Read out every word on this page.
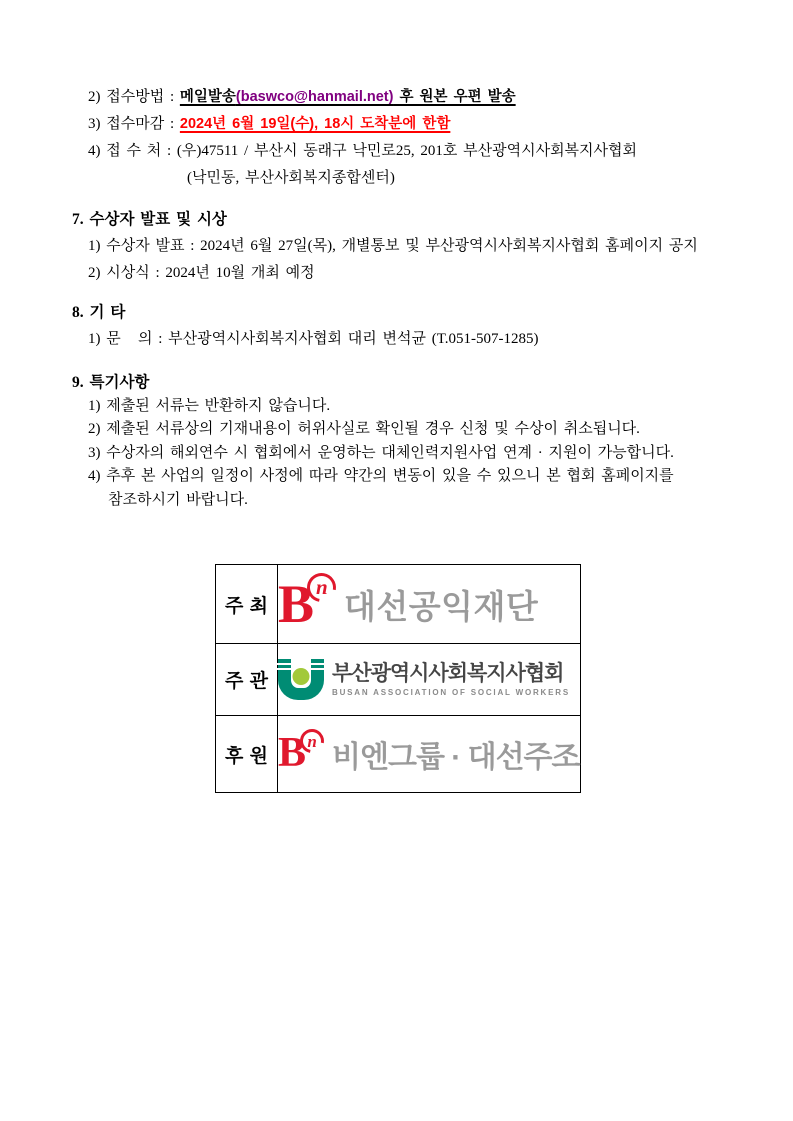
2) 접수방법 : 메일발송(baswco@hanmail.net) 후 원본 우편 발송
3) 접수마감 : 2024년 6월 19일(수), 18시 도착분에 한함
4) 접 수 처 : (우)47511 / 부산시 동래구 낙민로25, 201호 부산광역시사회복지사협회
(낙민동, 부산사회복지종합센터)
7. 수상자 발표 및 시상
1) 수상자 발표 : 2024년 6월 27일(목), 개별통보 및 부산광역시사회복지사협회 홈페이지 공지
2) 시상식 : 2024년 10월 개최 예정
8. 기 타
1) 문   의 : 부산광역시사회복지사협회 대리 변석균 (T.051-507-1285)
9. 특기사항
1) 제출된 서류는 반환하지 않습니다.
2) 제출된 서류상의 기재내용이 허위사실로 확인될 경우 신청 및 수상이 취소됩니다.
3) 수상자의 해외연수 시 협회에서 운영하는 대체인력지원사업 연계 · 지원이 가능합니다.
4) 추후 본 사업의 일정이 사정에 따라 약간의 변동이 있을 수 있으니 본 협회 홈페이지를
참조하시기 바랍니다.
주 최	B n
대선공익재단

주 관	부산광역시사회복지사협회
BUSAN ASSOCIATION OF SOCIAL WORKERS

후 원	B n 비엔그룹 · 대선주조
